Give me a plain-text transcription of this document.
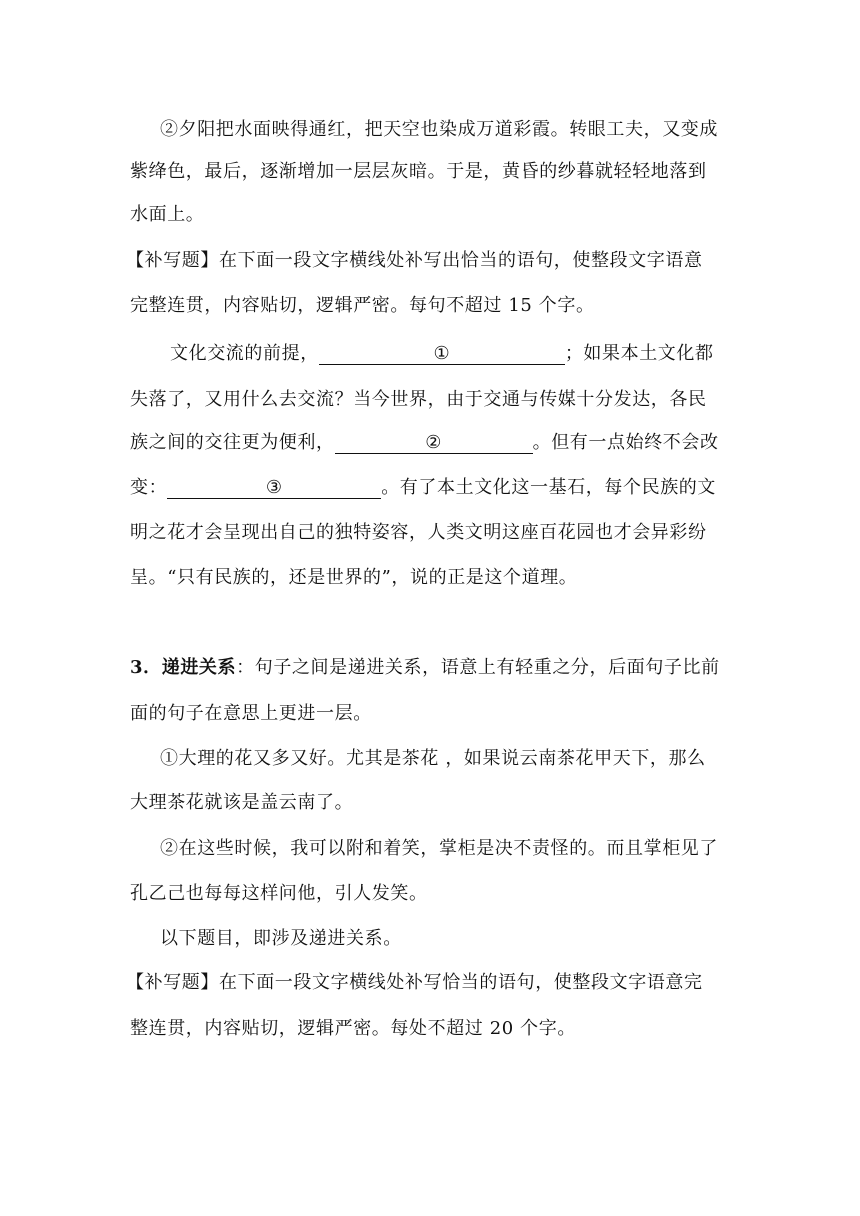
②夕阳把水面映得通红，把天空也染成万道彩霞。转眼工夫，又变成
紫绛色，最后，逐渐增加一层层灰暗。于是，黄昏的纱暮就轻轻地落到
水面上。
【补写题】在下面一段文字横线处补写出恰当的语句，使整段文字语意
完整连贯，内容贴切，逻辑严密。每句不超过 15 个字。
文化交流的前提，	①	；如果本土文化都
失落了，又用什么去交流？当今世界，由于交通与传媒十分发达，各民
族之间的交往更为便利，	②	。但有一点始终不会改
变：	③	。有了本土文化这一基石，每个民族的文
明之花才会呈现出自己的独特姿容，人类文明这座百花园也才会异彩纷
呈。“只有民族的，还是世界的”，说的正是这个道理。
3．递进关系：句子之间是递进关系，语意上有轻重之分，后面句子比前
面的句子在意思上更进一层。
①大理的花又多又好。尤其是茶花 ，如果说云南茶花甲天下，那么
大理茶花就该是盖云南了。
②在这些时候，我可以附和着笑，掌柜是决不责怪的。而且掌柜见了
孔乙己也每每这样问他，引人发笑。
以下题目，即涉及递进关系。
【补写题】在下面一段文字横线处补写恰当的语句，使整段文字语意完
整连贯，内容贴切，逻辑严密。每处不超过 20 个字。
